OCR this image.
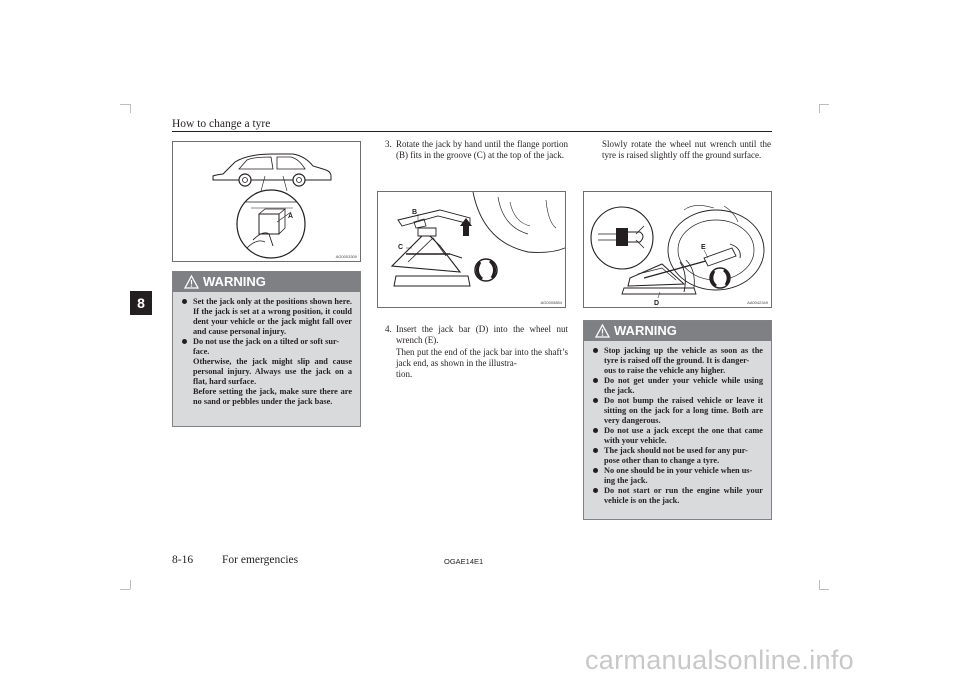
How to change a tyre
8
A
AG0003300
WARNING
Set the jack only at the positions shown here. If the jack is set at a wrong position, it could dent your vehicle or the jack might fall over and cause personal injury.
Do not use the jack on a tilted or soft sur-
face.
Otherwise, the jack might slip and cause personal injury. Always use the jack on a flat, hard surface.
Before setting the jack, make sure there are no sand or pebbles under the jack base.
3. Rotate the jack by hand until the flange portion (B) fits in the groove (C) at the top of the jack.
B
C
AG0005854
4. Insert the jack bar (D) into the wheel nut wrench (E).
Then put the end of the jack bar into the shaft’s jack end, as shown in the illustra-
tion.
Slowly rotate the wheel nut wrench until the tyre is raised slightly off the ground surface.
E
D	AA0042349
WARNING
Stop jacking up the vehicle as soon as the tyre is raised off the ground. It is danger-
ous to raise the vehicle any higher.
Do not get under your vehicle while using the jack.
Do not bump the raised vehicle or leave it sitting on the jack for a long time. Both are very dangerous.
Do not use a jack except the one that came with your vehicle.
The jack should not be used for any pur-
pose other than to change a tyre.
No one should be in your vehicle when us-
ing the jack.
Do not start or run the engine while your vehicle is on the jack.
8-16	For emergencies	OGAE14E1
carmanualsonline.info
